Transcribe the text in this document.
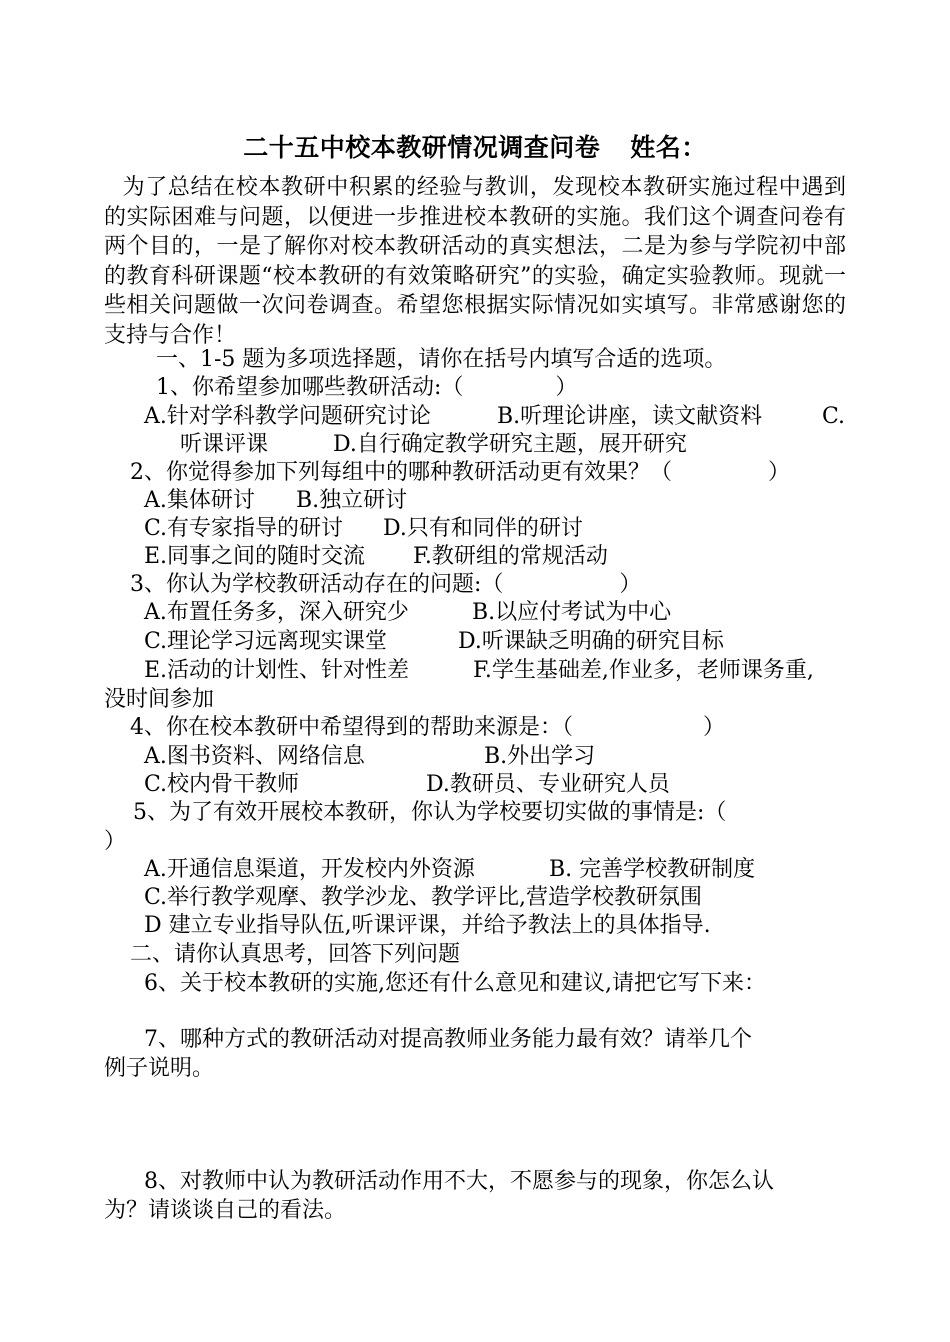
二十五中校本教研情况调查问卷 姓名：
为了总结在校本教研中积累的经验与教训，发现校本教研实施过程中遇到的实际困难与问题，以便进一步推进校本教研的实施。我们这个调查问卷有两个目的，一是了解你对校本教研活动的真实想法，二是为参与学院初中部的教育科研课题“校本教研的有效策略研究”的实验，确定实验教师。现就一些相关问题做一次问卷调查。希望您根据实际情况如实填写。非常感谢您的支持与合作！
一、1-5 题为多项选择题，请你在括号内填写合适的选项。
1、你希望参加哪些教研活动:（	）
A.针对学科教学问题研究讨论	B.听理论讲座，读文献资料	C.
听课评课	D.自行确定教学研究主题，展开研究
2、你觉得参加下列每组中的哪种教研活动更有效果？（	）
A.集体研讨 B.独立研讨
C.有专家指导的研讨 D.只有和同伴的研讨
E.同事之间的随时交流 F.教研组的常规活动
3、你认为学校教研活动存在的问题:（	）
A.布置任务多，深入研究少	B.以应付考试为中心
C.理论学习远离现实课堂	D.听课缺乏明确的研究目标
E.活动的计划性、针对性差	F.学生基础差,作业多，老师课务重,
没时间参加
4、你在校本教研中希望得到的帮助来源是：（	）
A.图书资料、网络信息	B.外出学习
C.校内骨干教师	D.教研员、专业研究人员
5、为了有效开展校本教研，你认为学校要切实做的事情是:（
）
A.开通信息渠道，开发校内外资源	B. 完善学校教研制度
C.举行教学观摩、教学沙龙、教学评比,营造学校教研氛围
D 建立专业指导队伍,听课评课，并给予教法上的具体指导.
二、请你认真思考，回答下列问题
6、关于校本教研的实施,您还有什么意见和建议,请把它写下来：
7、哪种方式的教研活动对提高教师业务能力最有效？请举几个
例子说明。
8、对教师中认为教研活动作用不大，不愿参与的现象，你怎么认
为？请谈谈自己的看法。
